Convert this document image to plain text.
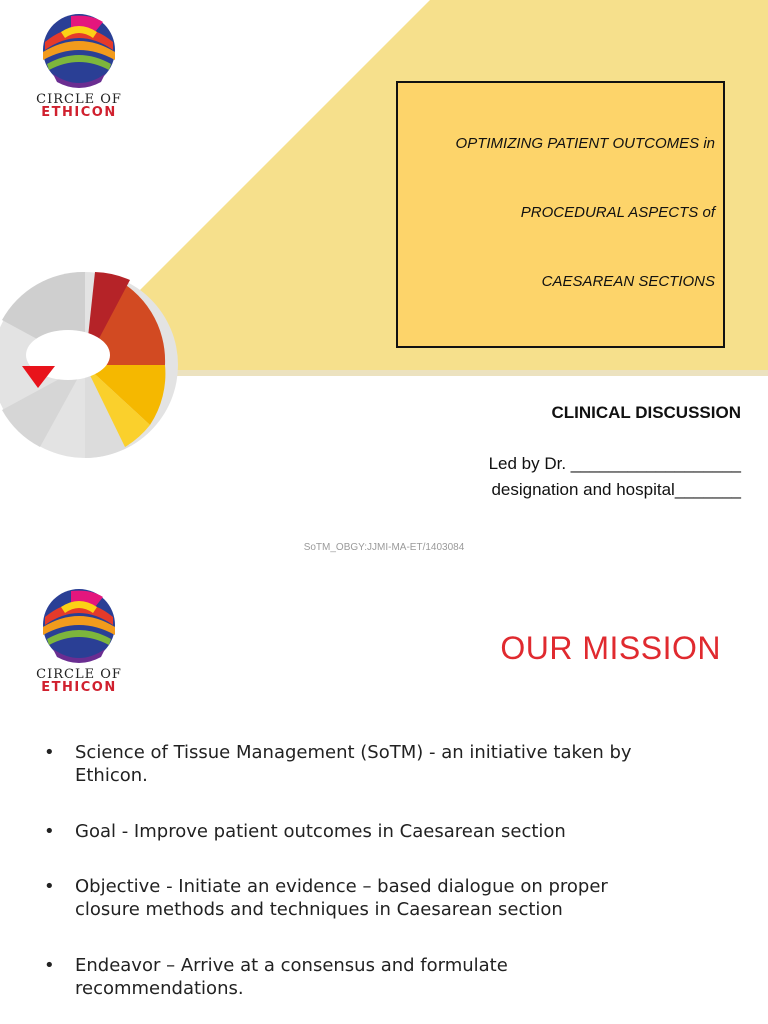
CIRCLE OF
ETHICON
OPTIMIZING PATIENT OUTCOMES in
PROCEDURAL ASPECTS of
CAESAREAN SECTIONS
CLINICAL DISCUSSION
Led by Dr. __________________
designation and hospital_______
SoTM_OBGY:JJMI-MA-ET/1403084
CIRCLE OF
ETHICON
OUR MISSION
• Science of Tissue Management (SoTM) - an initiative taken by Ethicon.
• Goal - Improve patient outcomes in Caesarean section
• Objective - Initiate an evidence – based dialogue on proper closure methods and techniques in Caesarean section
• Endeavor – Arrive at a consensus and formulate recommendations.
